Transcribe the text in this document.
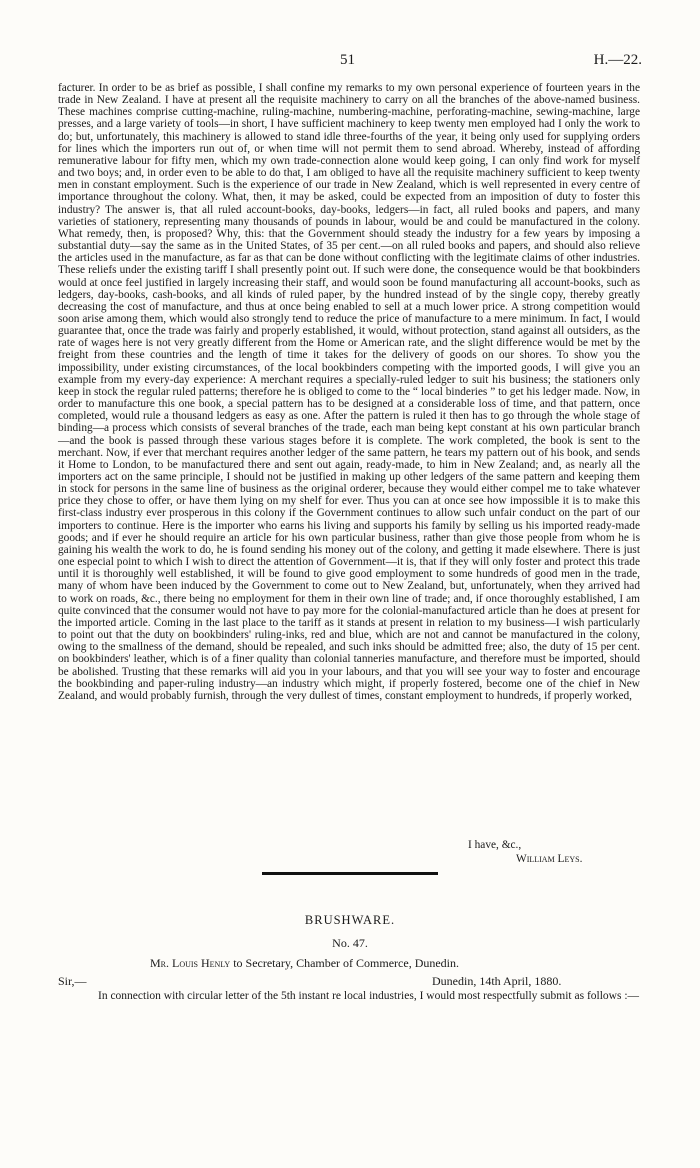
51	H.—22.

facturer. In order to be as brief as possible, I shall confine my remarks to my own personal experience of fourteen years in the trade in New Zealand. I have at present all the requisite machinery to carry on all the branches of the above-named business. These machines comprise cutting-machine, ruling-machine, numbering-machine, perforating-machine, sewing-machine, large presses, and a large variety of tools—in short, I have sufficient machinery to keep twenty men employed had I only the work to do; but, unfortunately, this machinery is allowed to stand idle three-fourths of the year, it being only used for supplying orders for lines which the importers run out of, or when time will not permit them to send abroad. Whereby, instead of affording remunerative labour for fifty men, which my own trade-connection alone would keep going, I can only find work for myself and two boys; and, in order even to be able to do that, I am obliged to have all the requisite machinery sufficient to keep twenty men in constant employment. Such is the experience of our trade in New Zealand, which is well represented in every centre of importance throughout the colony. What, then, it may be asked, could be expected from an imposition of duty to foster this industry? The answer is, that all ruled account-books, day-books, ledgers—in fact, all ruled books and papers, and many varieties of stationery, representing many thousands of pounds in labour, would be and could be manufactured in the colony. What remedy, then, is proposed? Why, this: that the Government should steady the industry for a few years by imposing a substantial duty—say the same as in the United States, of 35 per cent.—on all ruled books and papers, and should also relieve the articles used in the manufacture, as far as that can be done without conflicting with the legitimate claims of other industries. These reliefs under the existing tariff I shall presently point out. If such were done, the consequence would be that bookbinders would at once feel justified in largely increasing their staff, and would soon be found manufacturing all account-books, such as ledgers, day-books, cash-books, and all kinds of ruled paper, by the hundred instead of by the single copy, thereby greatly decreasing the cost of manufacture, and thus at once being enabled to sell at a much lower price. A strong competition would soon arise among them, which would also strongly tend to reduce the price of manufacture to a mere minimum. In fact, I would guarantee that, once the trade was fairly and properly established, it would, without protection, stand against all outsiders, as the rate of wages here is not very greatly different from the Home or American rate, and the slight difference would be met by the freight from these countries and the length of time it takes for the delivery of goods on our shores. To show you the impossibility, under existing circumstances, of the local bookbinders competing with the imported goods, I will give you an example from my every-day experience: A merchant requires a specially-ruled ledger to suit his business; the stationers only keep in stock the regular ruled patterns; therefore he is obliged to come to the “ local binderies ” to get his ledger made. Now, in order to manufacture this one book, a special pattern has to be designed at a considerable loss of time, and that pattern, once completed, would rule a thousand ledgers as easy as one. After the pattern is ruled it then has to go through the whole stage of binding—a process which consists of several branches of the trade, each man being kept constant at his own particular branch—and the book is passed through these various stages before it is complete. The work completed, the book is sent to the merchant. Now, if ever that merchant requires another ledger of the same pattern, he tears my pattern out of his book, and sends it Home to London, to be manufactured there and sent out again, ready-made, to him in New Zealand; and, as nearly all the importers act on the same principle, I should not be justified in making up other ledgers of the same pattern and keeping them in stock for persons in the same line of business as the original orderer, because they would either compel me to take whatever price they chose to offer, or have them lying on my shelf for ever. Thus you can at once see how impossible it is to make this first-class industry ever prosperous in this colony if the Government continues to allow such unfair conduct on the part of our importers to continue. Here is the importer who earns his living and supports his family by selling us his imported ready-made goods; and if ever he should require an article for his own particular business, rather than give those people from whom he is gaining his wealth the work to do, he is found sending his money out of the colony, and getting it made elsewhere. There is just one especial point to which I wish to direct the attention of Government—it is, that if they will only foster and protect this trade until it is thoroughly well established, it will be found to give good employment to some hundreds of good men in the trade, many of whom have been induced by the Government to come out to New Zealand, but, unfortunately, when they arrived had to work on roads, &c., there being no employment for them in their own line of trade; and, if once thoroughly established, I am quite convinced that the consumer would not have to pay more for the colonial-manufactured article than he does at present for the imported article. Coming in the last place to the tariff as it stands at present in relation to my business—I wish particularly to point out that the duty on bookbinders' ruling-inks, red and blue, which are not and cannot be manufactured in the colony, owing to the smallness of the demand, should be repealed, and such inks should be admitted free; also, the duty of 15 per cent. on bookbinders' leather, which is of a finer quality than colonial tanneries manufacture, and therefore must be imported, should be abolished. Trusting that these remarks will aid you in your labours, and that you will see your way to foster and encourage the bookbinding and paper-ruling industry—an industry which might, if properly fostered, become one of the chief in New Zealand, and would probably furnish, through the very dullest of times, constant employment to hundreds, if properly worked,

I have, &c.,
William Leys.
BRUSHWARE.
No. 47.
Mr. Louis Henly to Secretary, Chamber of Commerce, Dunedin.
Sir,—	Dunedin, 14th April, 1880.

In connection with circular letter of the 5th instant re local industries, I would most respectfully submit as follows :—
